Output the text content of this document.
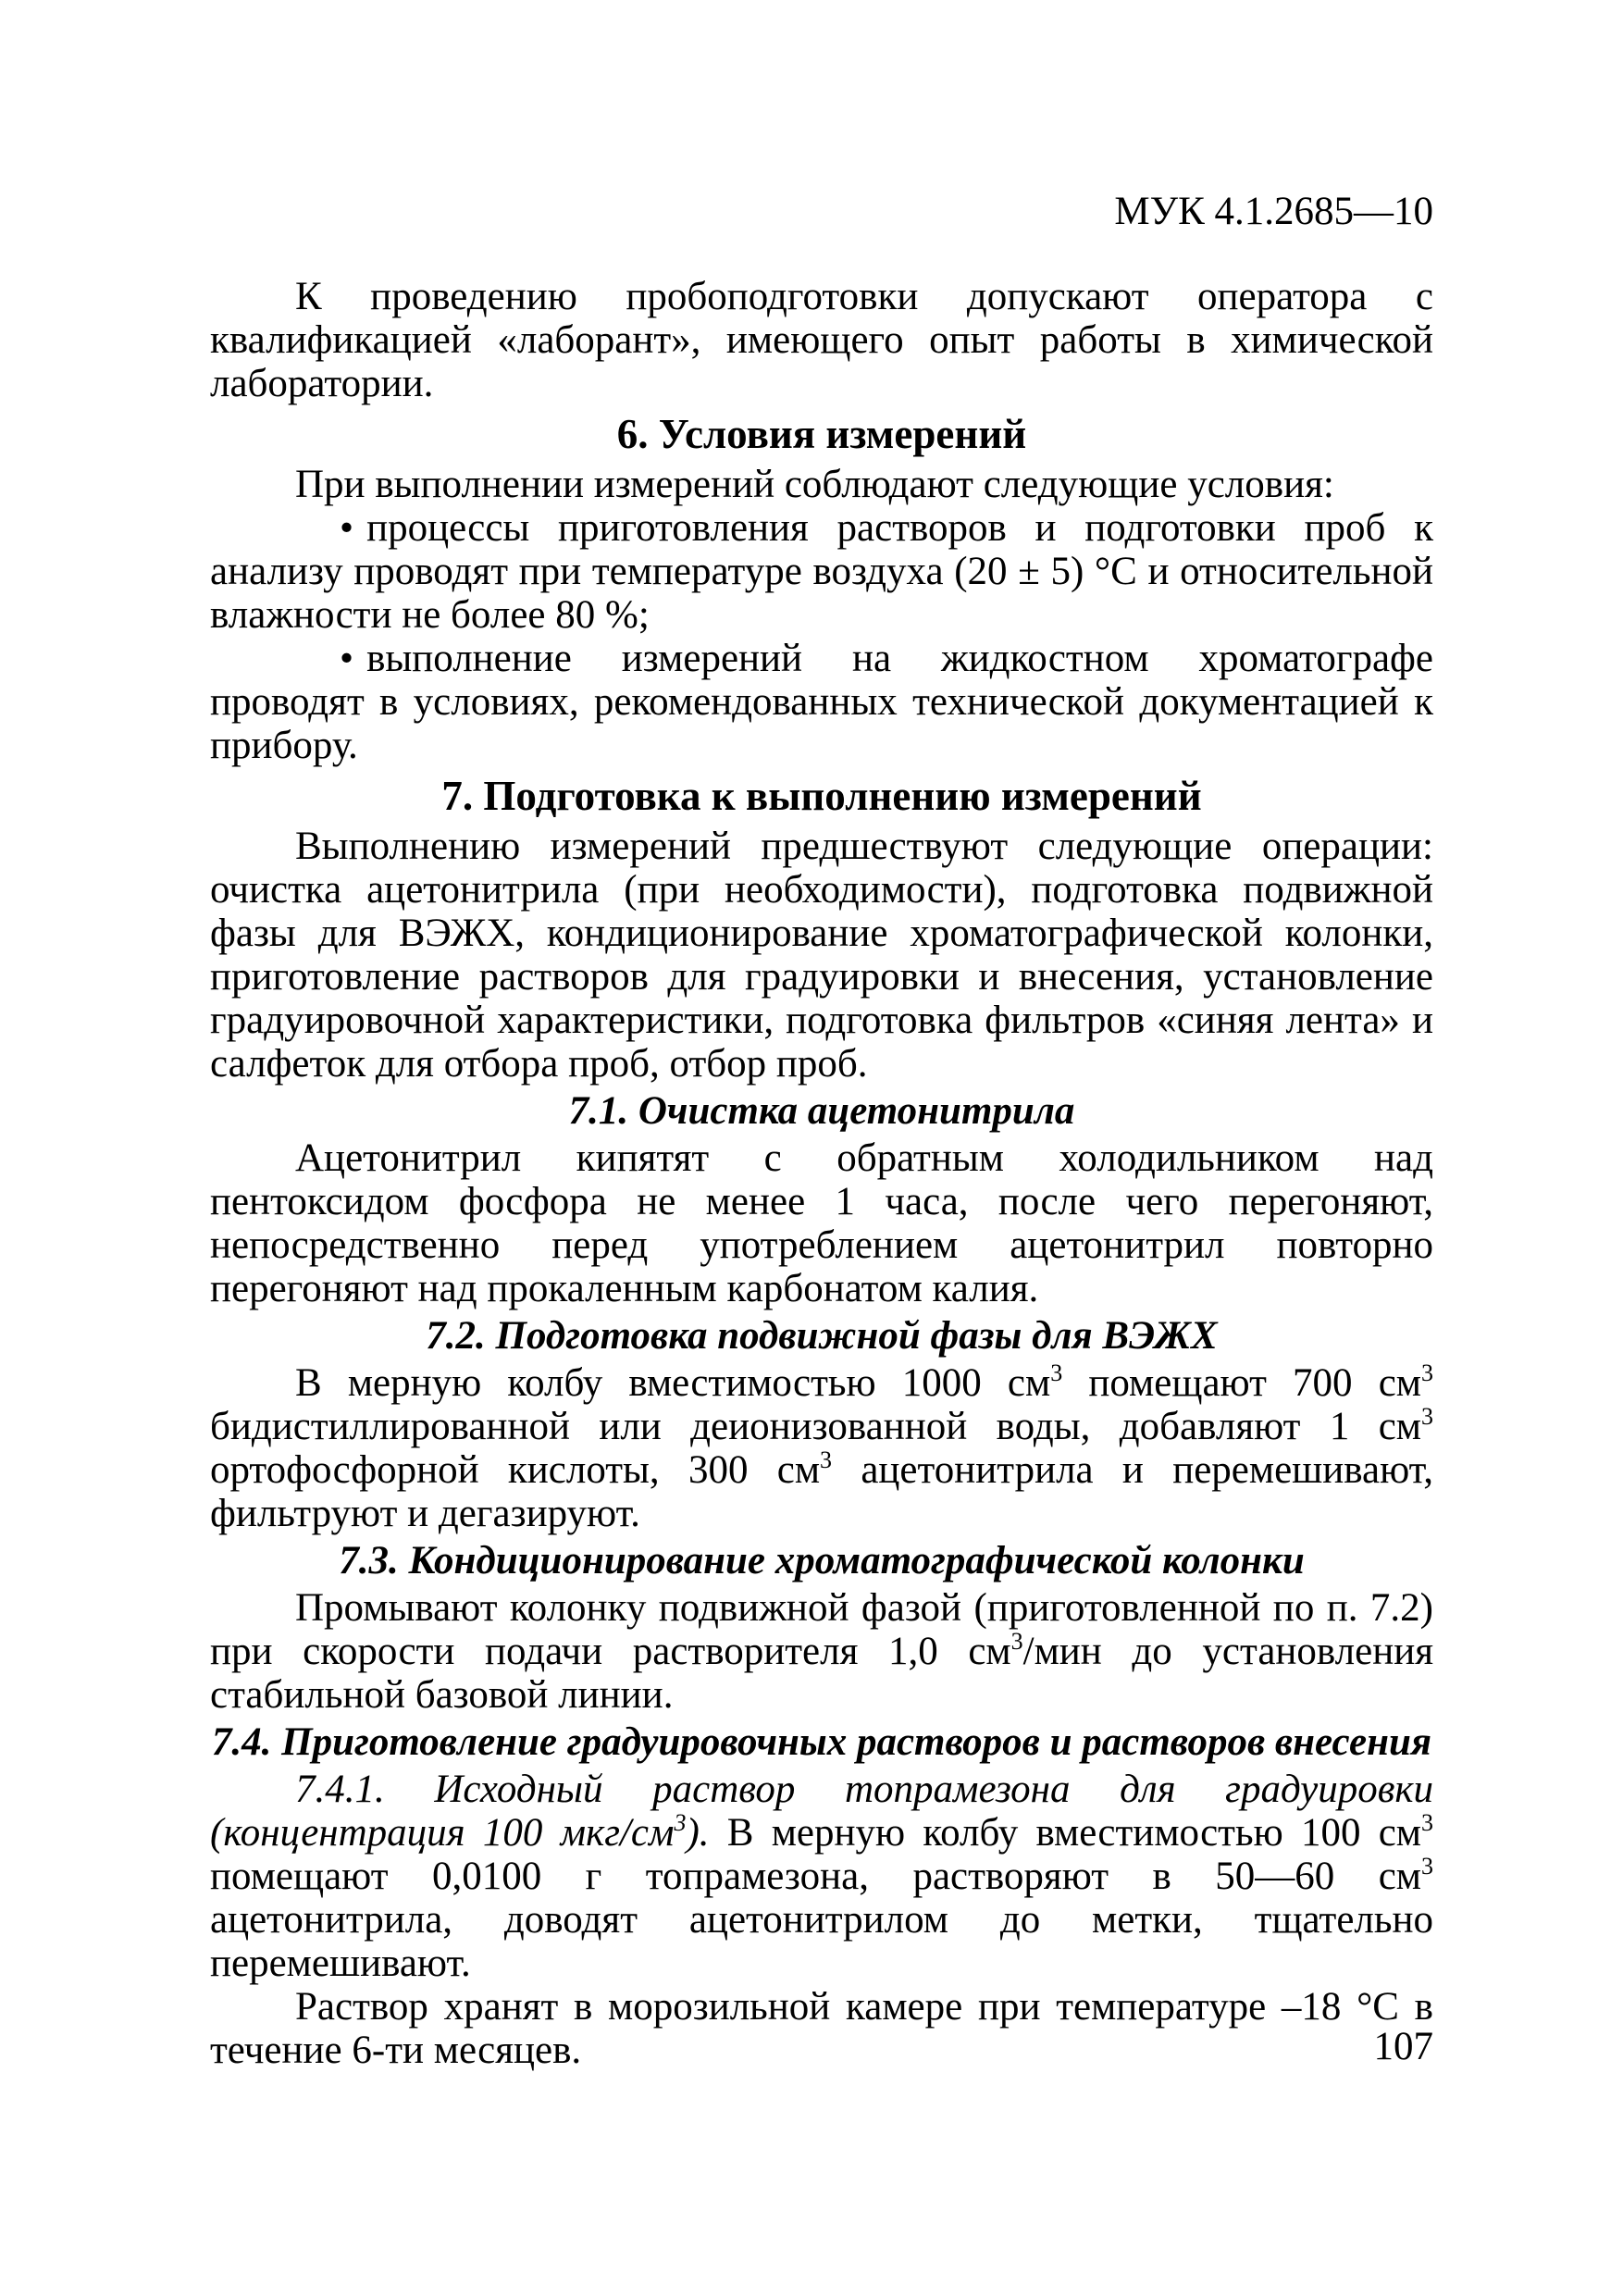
МУК 4.1.2685—10

К проведению пробоподготовки допускают оператора с квалификацией «лаборант», имеющего опыт работы в химической лаборатории.

6. Условия измерений

При выполнении измерений соблюдают следующие условия:

• процессы приготовления растворов и подготовки проб к анализу проводят при температуре воздуха (20 ± 5) °С и относительной влажности не более 80 %;

• выполнение измерений на жидкостном хроматографе проводят в условиях, рекомендованных технической документацией к прибору.

7. Подготовка к выполнению измерений

Выполнению измерений предшествуют следующие операции: очистка ацетонитрила (при необходимости), подготовка подвижной фазы для ВЭЖХ, кондиционирование хроматографической колонки, приготовление растворов для градуировки и внесения, установление градуировочной характеристики, подготовка фильтров «синяя лента» и салфеток для отбора проб, отбор проб.

7.1. Очистка ацетонитрила

Ацетонитрил кипятят с обратным холодильником над пентоксидом фосфора не менее 1 часа, после чего перегоняют, непосредственно перед употреблением ацетонитрил повторно перегоняют над прокаленным карбонатом калия.

7.2. Подготовка подвижной фазы для ВЭЖХ

В мерную колбу вместимостью 1000 $см^3$ помещают 700 $см^3$ бидистиллированной или деионизованной воды, добавляют 1 $см^3$ ортофосфорной кислоты, 300 $см^3$ ацетонитрила и перемешивают, фильтруют и дегазируют.

7.3. Кондиционирование хроматографической колонки

Промывают колонку подвижной фазой (приготовленной по п. 7.2) при скорости подачи растворителя 1,0 $см^3$/мин до установления стабильной базовой линии.

7.4. Приготовление градуировочных растворов и растворов внесения

7.4.1. Исходный раствор топрамезона для градуировки (концентрация 100 мкг/$см^3$). В мерную колбу вместимостью 100 $см^3$ помещают 0,0100 г топрамезона, растворяют в 50—60 $см^3$ ацетонитрила, доводят ацетонитрилом до метки, тщательно перемешивают.

Раствор хранят в морозильной камере при температуре –18 °С в течение 6-ти месяцев.	107
